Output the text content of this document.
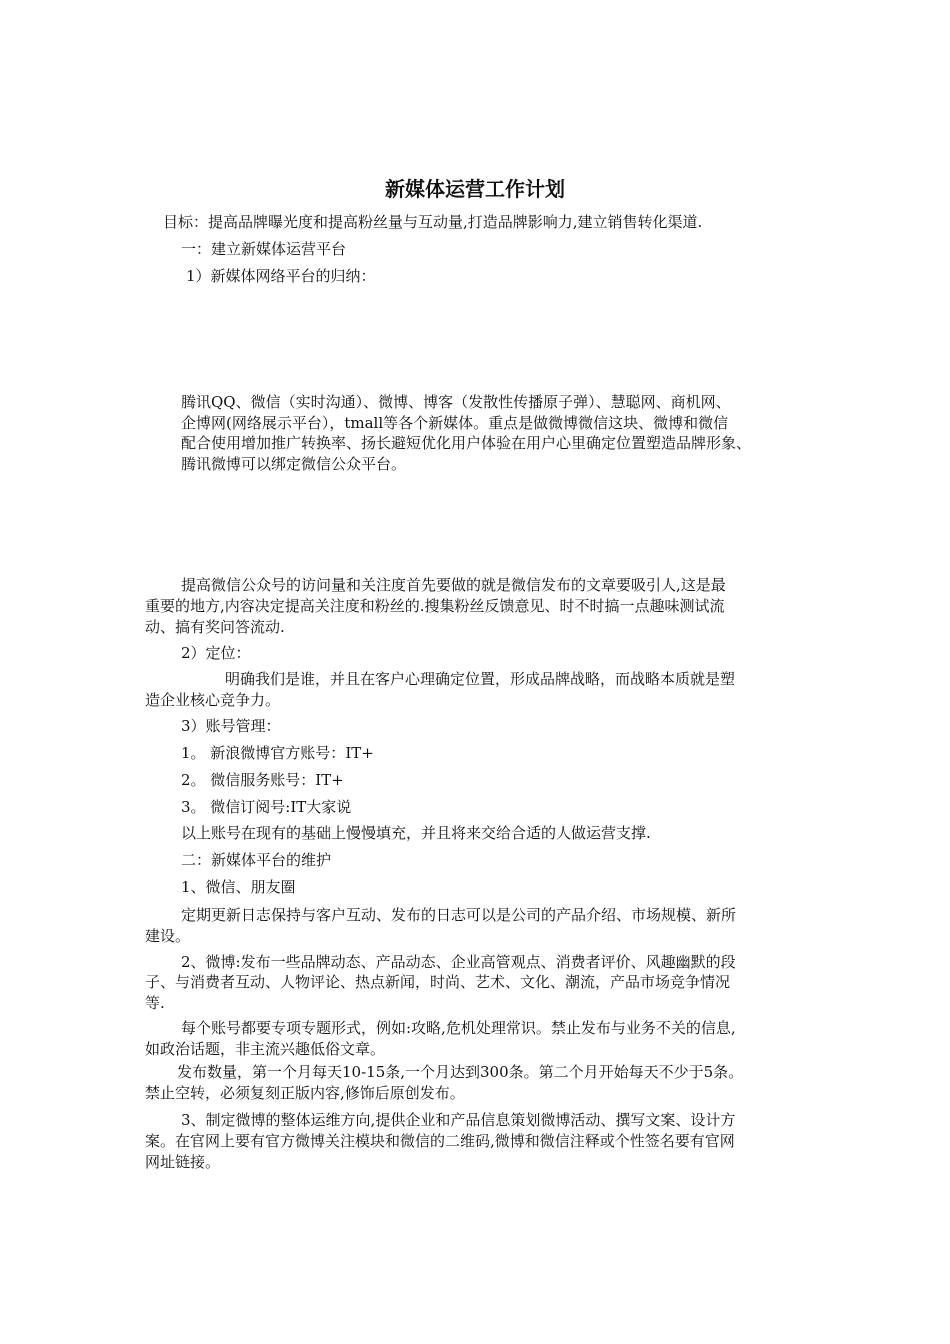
新媒体运营工作计划

目标：提高品牌曝光度和提高粉丝量与互动量,打造品牌影响力,建立销售转化渠道.

一：建立新媒体运营平台

1）新媒体网络平台的归纳：

腾讯QQ、微信（实时沟通）、微博、博客（发散性传播原子弹）、慧聪网、商机网、

企博网(网络展示平台），tmall等各个新媒体。重点是做微博微信这块、微博和微信

配合使用增加推广转换率、扬长避短优化用户体验在用户心里确定位置塑造品牌形象、

腾讯微博可以绑定微信公众平台。

提高微信公众号的访问量和关注度首先要做的就是微信发布的文章要吸引人,这是最

重要的地方,内容决定提高关注度和粉丝的.搜集粉丝反馈意见、时不时搞一点趣味测试流

动、搞有奖问答流动.

2）定位：

明确我们是谁，并且在客户心理确定位置，形成品牌战略，而战略本质就是塑

造企业核心竞争力。

3）账号管理：

1。 新浪微博官方账号：IT+

2。 微信服务账号：IT+

3。 微信订阅号:IT大家说

以上账号在现有的基础上慢慢填充，并且将来交给合适的人做运营支撑.

二：新媒体平台的维护

1、微信、朋友圈

定期更新日志保持与客户互动、发布的日志可以是公司的产品介绍、市场规模、新所

建设。

2、微博:发布一些品牌动态、产品动态、企业高管观点、消费者评价、风趣幽默的段

子、与消费者互动、人物评论、热点新闻，时尚、艺术、文化、潮流，产品市场竞争情况

等.

每个账号都要专项专题形式，例如:攻略,危机处理常识。禁止发布与业务不关的信息,

如政治话题，非主流兴趣低俗文章。

发布数量，第一个月每天10-15条,一个月达到300条。第二个月开始每天不少于5条。

禁止空转，必须复刻正版内容,修饰后原创发布。

3、制定微博的整体运维方向,提供企业和产品信息策划微博活动、撰写文案、设计方

案。在官网上要有官方微博关注模块和微信的二维码,微博和微信注释或个性签名要有官网

网址链接。
